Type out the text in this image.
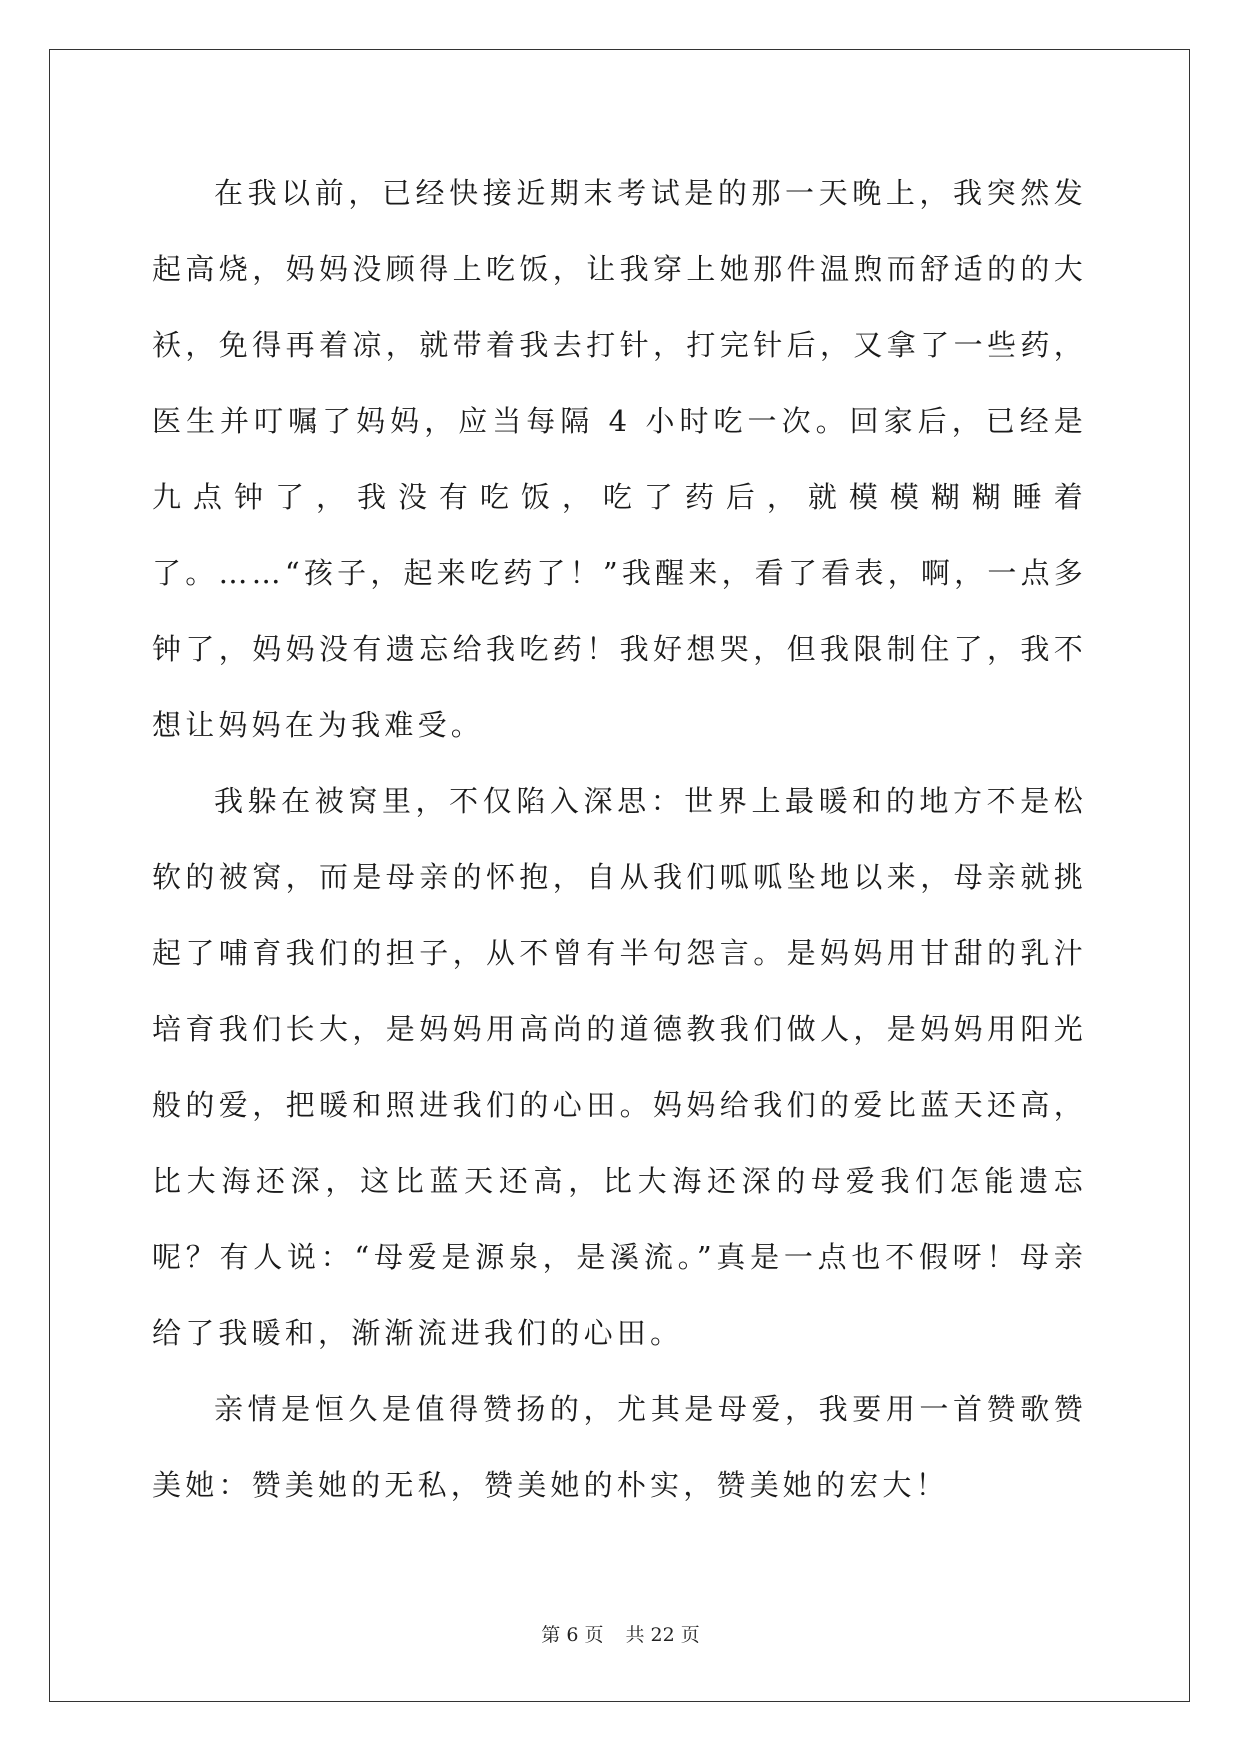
在我以前，已经快接近期末考试是的那一天晚上，我突然发起高烧，妈妈没顾得上吃饭，让我穿上她那件温煦而舒适的的大袄，免得再着凉，就带着我去打针，打完针后，又拿了一些药，医生并叮嘱了妈妈，应当每隔 4 小时吃一次。回家后，已经是九点钟了，我没有吃饭，吃了药后，就模模糊糊睡着了。……“孩子，起来吃药了！”我醒来，看了看表，啊，一点多钟了，妈妈没有遗忘给我吃药！我好想哭，但我限制住了，我不想让妈妈在为我难受。

我躲在被窝里，不仅陷入深思：世界上最暖和的地方不是松软的被窝，而是母亲的怀抱，自从我们呱呱坠地以来，母亲就挑起了哺育我们的担子，从不曾有半句怨言。是妈妈用甘甜的乳汁培育我们长大，是妈妈用高尚的道德教我们做人，是妈妈用阳光般的爱，把暖和照进我们的心田。妈妈给我们的爱比蓝天还高，比大海还深，这比蓝天还高，比大海还深的母爱我们怎能遗忘呢？有人说：“母爱是源泉，是溪流。”真是一点也不假呀！母亲给了我暖和，渐渐流进我们的心田。

亲情是恒久是值得赞扬的，尤其是母爱，我要用一首赞歌赞美她：赞美她的无私，赞美她的朴实，赞美她的宏大！

第 6 页 共 22 页
